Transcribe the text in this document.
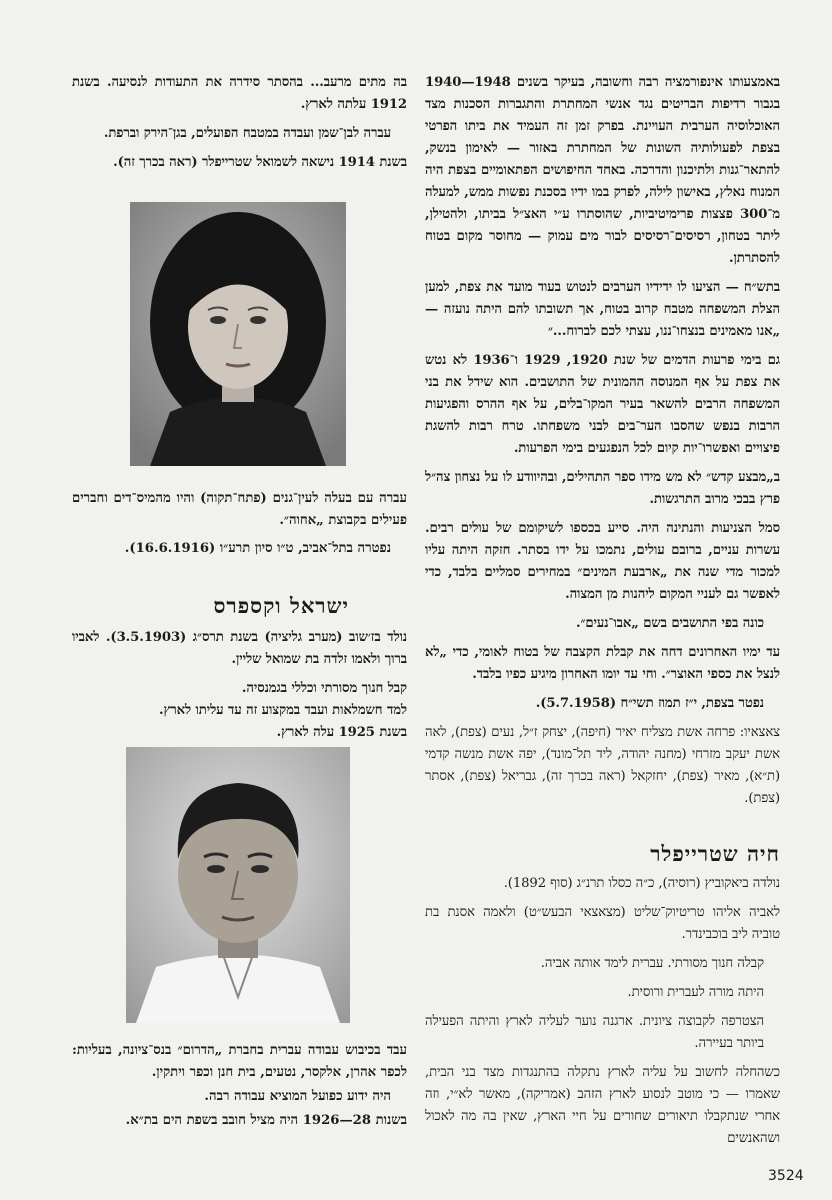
באמצעותו אינפורמציה רבה וחשובה, בעיקר בשנים 1948—1940 בגבור רדיפות הבריטים נגד אנשי המחתרת והתגברות הסכנות מצד האוכלוסיה הערבית העויינת. בפרק זמן זה העמיד את ביתו הפרטי בצפת לפעולותיה השונות של המחתרת באזור — לאימון בנשק, להתאר־גנות ולתיכנון והדרכה. באחד החיפושים הפתאומיים בצפת היה המנוח נאלץ, באישון לילה, לפרק במו ידיו בסכנת נפשות ממש, למעלה מ־300 פצצות פרימיטיביות, שהוסתרו ע״י האצ״ל בביתו, ולהטילן, ליתר בטחון, רסיסים־רסיסים לבור מים עמוק — מחוסר מקום בטוח להסתרתן.

בתש״ח — הציעו לו ידידיו הערבים לנטוש בעוד מועד את צפת, למען הצלת המשפחה מטבח קרוב בטוח, אך תשובתו להם היתה נועזה — „אנו מאמינים בנצחו־ננו, עצתי לכם לברוח...״

גם בימי פרעות הדמים של שנת 1920, 1929 ו־1936 לא נטש את צפת על אף המנוסה ההמונית של התושבים. הוא שידל את בני המשפחה הרבים להשאר בעיר המקו־בלים, על אף ההרס והפגיעות הרבות בנפש שהסבו הער־בים לבני משפחתו. טרח רבות להשגת פיצויים ואפשרו־יות קיום לכל הנפגעים בימי הפרעות.

ב„מבצע קדש״ לא מש מידו ספר התהילים, ובהיוודע לו על נצחון צה״ל פרץ בבכי מרוב התרגשות.

סמל הצניעות והנתינה היה. סייע בכספו לשיקומם של עולים רבים. עשרות עניים, ברובם עולים, נתמכו על ידו בסתר. חזקה היתה עליו למכור מדי שנה את „ארבעת המינים״ במחירים סמליים בלבד, כדי לאפשר גם לעניי המקום ליהנות מן המצוה.

כונה בפי התושבים בשם „אבו־נעים״.

עד ימיו האחרונים דחה את קבלת הקצבה של בטוח לאומי, כדי „לא לנצל את כספי האוצר״. וחי עד יומו האחרון מיגיע כפיו בלבד.

נפטר בצפת, י״ז תמוז תשי״ח (5.7.1958).

צאצאיו: פרחה אשת מצליח יאיר (חיפה), יצחק ז״ל, נעים (צפת), לאה אשת יעקב מזרחי (מחנה יהודה, ליד תל־מונד), יפה אשת מנשה קדמי (ת״א), מאיר (צפת), יחזקאל (ראה בכרך זה), גבריאל (צפת), אסתר (צפת).

חיה שטרייפלר

נולדה ביאקוביץ (רוסיה), כ״ה כסלו תרנ״ג (סוף 1892).

לאביה אליהו טריטיוק־שליט (מצאצאי הבעש״ט) ולאמה אסנת בת טוביה ליב בוכבינדר.

קבלה חנוך מסורתי. עברית לימד אותה אביה.

היתה מורה לעברית ורוסית.

הצטרפה לקבוצה ציונית. ארגנה נוער לעליה לארץ והיתה הפעילה ביותר בעיירה.

כשהחלה לחשוב על עליה לארץ נתקלה בהתנגדות מצד בני הבית, שאמרו — כי מוטב לנסוע לארץ הזהב (אמריקה), מאשר לא״י, וזה אחרי שנתקבלו תיאורים שחורים על חיי הארץ, שאין בה מה לאכול ושהאנשים

בה מתים מרעב... בהסתר סידרה את התעודות לנסיעה. בשנת 1912 עלתה לארץ.

עברה לבן־שמן ועבדה במטבח הפועלים, בגן־הירק וברפת.

בשנת 1914 נישאה לשמואל שטרייפלר (ראה בכרך זה).

עברה עם בעלה לעין־גנים (פתח־תקוה) והיו מהמיס־דים וחברים פעילים בקבוצת „אחוה״.

נפטרה בתל־אביב, ט״ו סיון תרע״ו (16.6.1916).

ישראל וקספרס

נולד בז׳שוב (מערב גליציה) בשנת תרס״ג (3.5.1903). לאביו ברוך ולאמו זלדה בת שמואל שליין.

קבל חנוך מסורתי וכללי בגמנסיה.

למד חשמלאות ועבד במקצוע זה עד עליתו לארץ.

בשנת 1925 עלה לארץ.

עבד בכיבוש עבודה עברית בחברת „הדרום״ בנס־ציונה, בעליות: לכפר אהרן, אלקסר, נטעים, בית חנן וכפר ויתקין.

היה ידוע כפועל המוציא עבודה רבה.

בשנות 28—1926 היה מציל חובב בשפת הים בת״א.

3524
